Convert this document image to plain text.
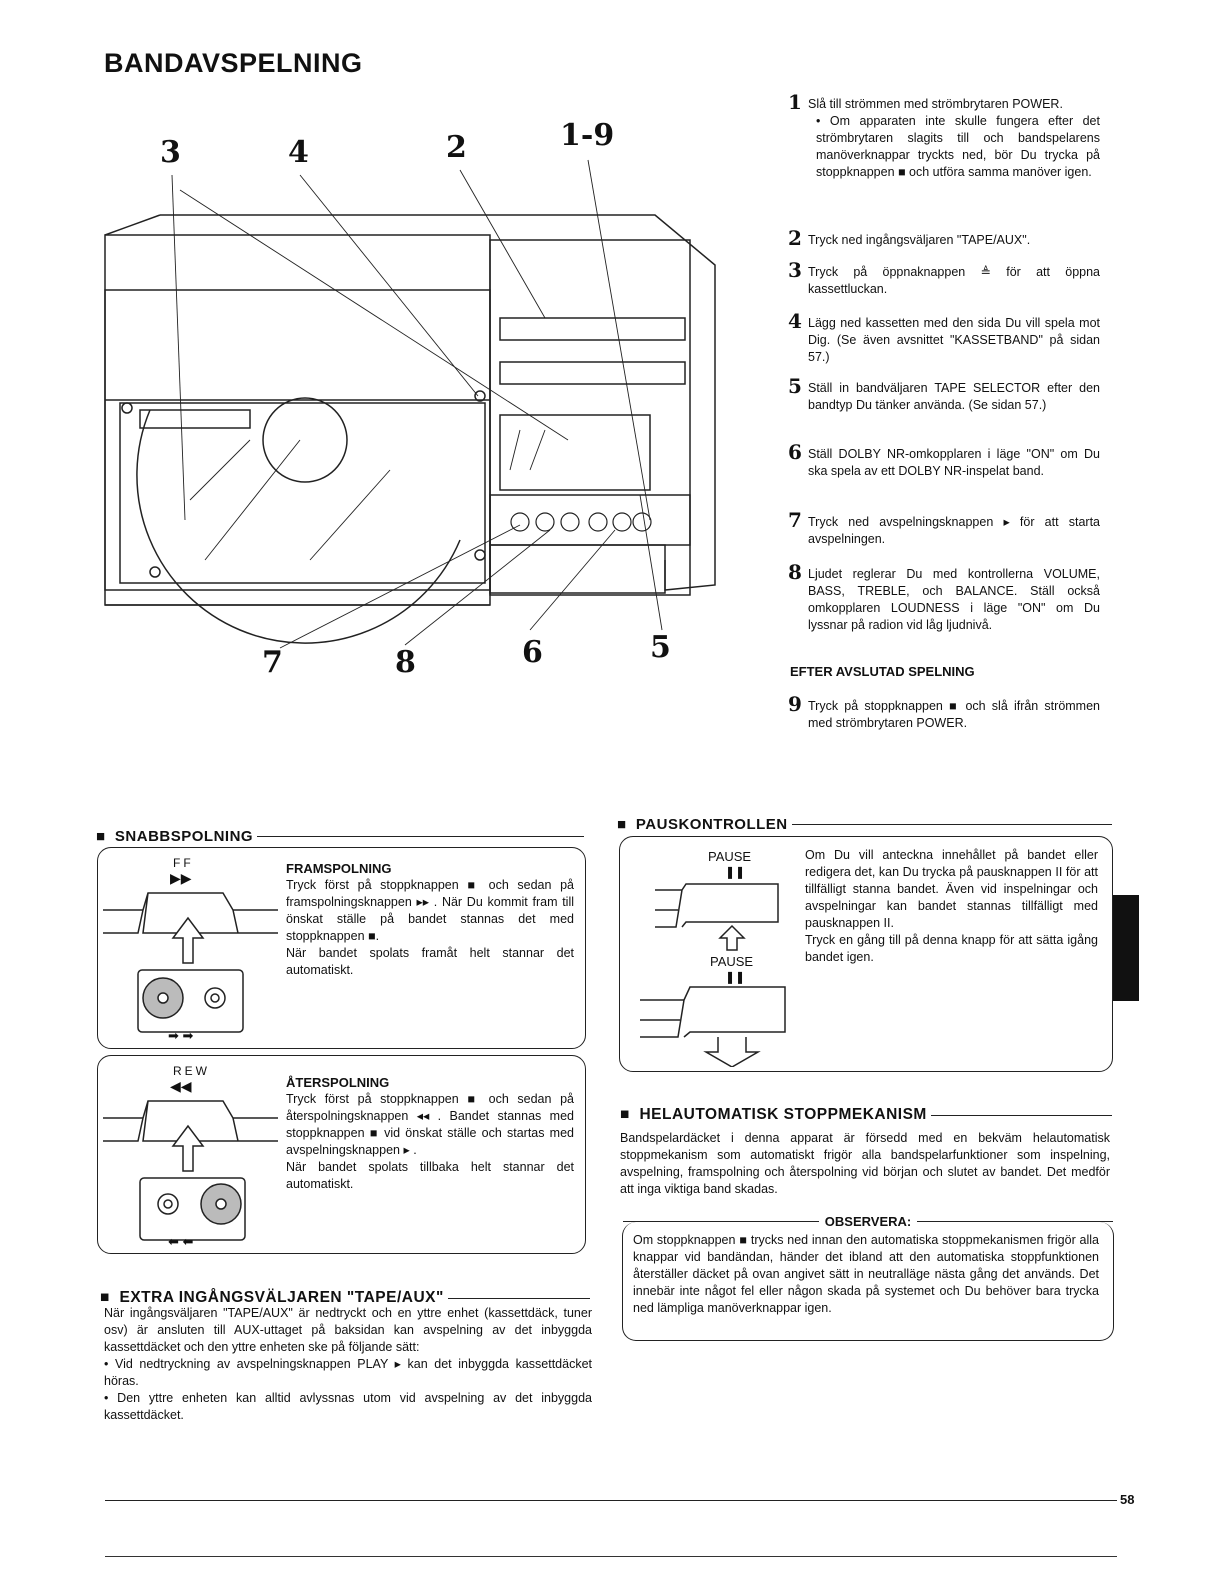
BANDAVSPELNING
3	4	2	1-9
7	8	6	5
1 Slå till strömmen med strömbrytaren POWER.
• Om apparaten inte skulle fungera efter det strömbrytaren slagits till och bandspelarens manöverknappar tryckts ned, bör Du trycka på stoppknappen ■ och utföra samma manöver igen.
2 Tryck ned ingångsväljaren "TAPE/AUX".
3 Tryck på öppnaknappen ≜ för att öppna kassettluckan.
4 Lägg ned kassetten med den sida Du vill spela mot Dig. (Se även avsnittet "KASSETBAND" på sidan 57.)
5 Ställ in bandväljaren TAPE SELECTOR efter den bandtyp Du tänker använda. (Se sidan 57.)
6 Ställ DOLBY NR-omkopplaren i läge "ON" om Du ska spela av ett DOLBY NR-inspelat band.
7 Tryck ned avspelningsknappen ▸ för att starta avspelningen.
8 Ljudet reglerar Du med kontrollerna VOLUME, BASS, TREBLE, och BALANCE. Ställ också omkopplaren LOUDNESS i läge "ON" om Du lyssnar på radion vid låg ljudnivå.
EFTER AVSLUTAD SPELNING
9 Tryck på stoppknappen ■ och slå ifrån strömmen med strömbrytaren POWER.
■ SNABBSPOLNING
FF
▶▶
➡ ➡
FRAMSPOLNING
Tryck först på stoppknappen ■ och sedan på framspolningsknappen ▸▸ . När Du kommit fram till önskat ställe på bandet stannas det med stoppknappen ■.
När bandet spolats framåt helt stannar det automatiskt.
REW
◀◀
⬅ ⬅
ÅTERSPOLNING
Tryck först på stoppknappen ■ och sedan på återspolningsknappen ◂◂ . Bandet stannas med stoppknappen ■ vid önskat ställe och startas med avspelningsknappen ▸ .
När bandet spolats tillbaka helt stannar det automatiskt.
■ EXTRA INGÅNGSVÄLJAREN "TAPE/AUX"
När ingångsväljaren "TAPE/AUX" är nedtryckt och en yttre enhet (kassettdäck, tuner osv) är ansluten till AUX-uttaget på baksidan kan avspelning av det inbyggda kassettdäcket och den yttre enheten ske på följande sätt:
• Vid nedtryckning av avspelningsknappen PLAY ▸ kan det inbyggda kassettdäcket höras.
• Den yttre enheten kan alltid avlyssnas utom vid avspelning av det inbyggda kassettdäcket.
■ PAUSKONTROLLEN
PAUSE
❚❚
PAUSE
❚❚
Om Du vill anteckna innehållet på bandet eller redigera det, kan Du trycka på pausknappen II för att tillfälligt stanna bandet. Även vid inspelningar och avspelningar kan bandet stannas tillfälligt med pausknappen II.
Tryck en gång till på denna knapp för att sätta igång bandet igen.
■ HELAUTOMATISK STOPPMEKANISM
Bandspelardäcket i denna apparat är försedd med en bekväm helautomatisk stoppmekanism som automatiskt frigör alla bandspelarfunktioner som inspelning, avspelning, framspolning och återspolning vid början och slutet av bandet. Det medför att inga viktiga band skadas.
OBSERVERA:
Om stoppknappen ■ trycks ned innan den automatiska stoppmekanismen frigör alla knappar vid bandändan, händer det ibland att den automatiska stoppfunktionen återställer däcket på ovan angivet sätt in neutralläge nästa gång det används. Det innebär inte något fel eller någon skada på systemet och Du behöver bara trycka ned lämpliga manöverknappar igen.
58
